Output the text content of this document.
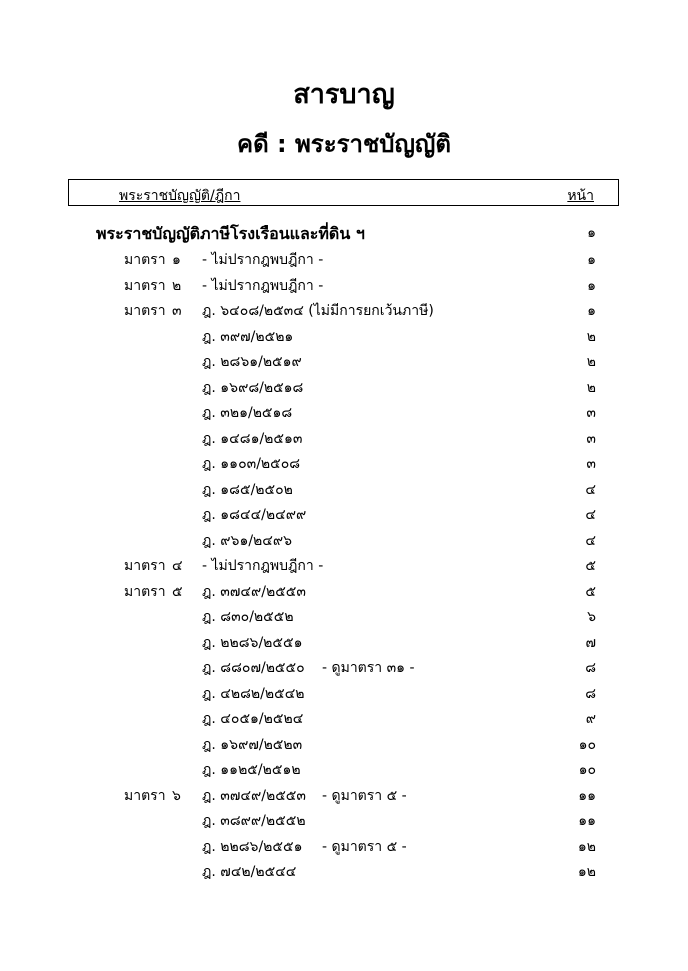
สารบาญ
คดี : พระราชบัญญัติ
พระราชบัญญัติ/ฎีกา	หน้า
พระราชบัญญัติภาษีโรงเรือนและที่ดิน ฯ	๑
มาตรา ๑ - ไม่ปรากฎพบฎีกา -	๑
มาตรา ๒ - ไม่ปรากฎพบฎีกา -	๑
มาตรา ๓ ฎ. ๖๔๐๘/๒๕๓๔ (ไม่มีการยกเว้นภาษี)	๑
ฎ. ๓๙๗/๒๕๒๑	๒
ฎ. ๒๘๖๑/๒๕๑๙	๒
ฎ. ๑๖๙๘/๒๕๑๘	๒
ฎ. ๓๒๑/๒๕๑๘	๓
ฎ. ๑๔๘๑/๒๕๑๓	๓
ฎ. ๑๑๐๓/๒๕๐๘	๓
ฎ. ๑๘๕/๒๕๐๒	๔
ฎ. ๑๘๔๔/๒๔๙๙	๔
ฎ. ๙๖๑/๒๔๙๖	๔
มาตรา ๔ - ไม่ปรากฎพบฎีกา -	๕
มาตรา ๕ ฎ. ๓๗๔๙/๒๕๕๓	๕
ฎ. ๘๓๐/๒๕๕๒	๖
ฎ. ๒๒๘๖/๒๕๕๑	๗
ฎ. ๘๘๐๗/๒๕๕๐ - ดูมาตรา ๓๑ -	๘
ฎ. ๔๒๘๒/๒๕๔๒	๘
ฎ. ๔๐๕๑/๒๕๒๔	๙
ฎ. ๑๖๙๗/๒๕๒๓	๑๐
ฎ. ๑๑๒๕/๒๕๑๒	๑๐
มาตรา ๖ ฎ. ๓๗๔๙/๒๕๕๓ - ดูมาตรา ๕ -	๑๑
ฎ. ๓๘๙๙/๒๕๕๒	๑๑
ฎ. ๒๒๘๖/๒๕๕๑ - ดูมาตรา ๕ -	๑๒
ฎ. ๗๔๒/๒๕๔๔	๑๒
